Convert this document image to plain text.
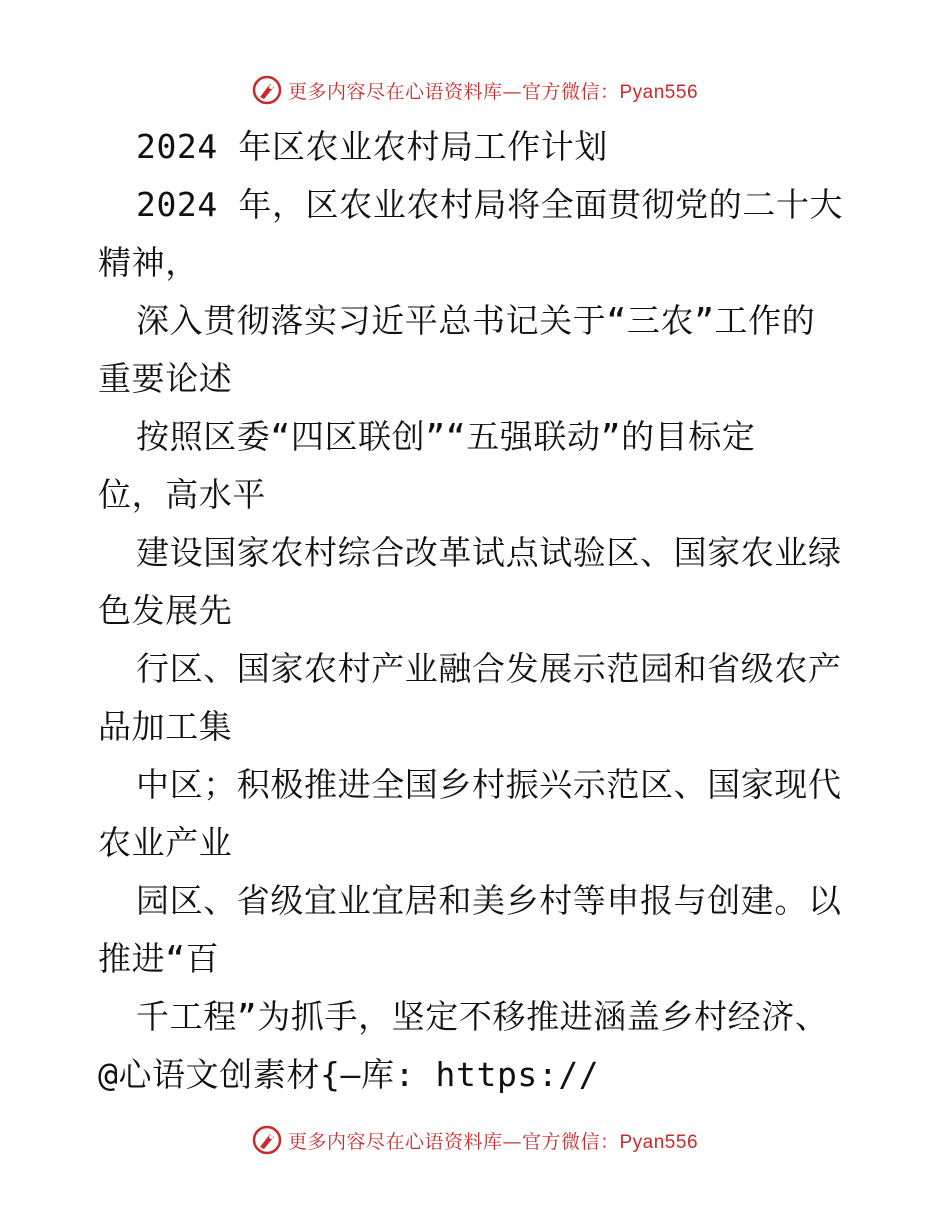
更多内容尽在心语资料库—官方微信：Pyan556
2024 年区农业农村局工作计划
2024 年，区农业农村局将全面贯彻党的二十大
精神，
深入贯彻落实习近平总书记关于“三农”工作的
重要论述
按照区委“四区联创”“五强联动”的目标定
位，高水平
建设国家农村综合改革试点试验区、国家农业绿
色发展先
行区、国家农村产业融合发展示范园和省级农产
品加工集
中区；积极推进全国乡村振兴示范区、国家现代
农业产业
园区、省级宜业宜居和美乡村等申报与创建。以
推进“百
千工程”为抓手，坚定不移推进涵盖乡村经济、
@心语文创素材{—库: https://
更多内容尽在心语资料库—官方微信：Pyan556
